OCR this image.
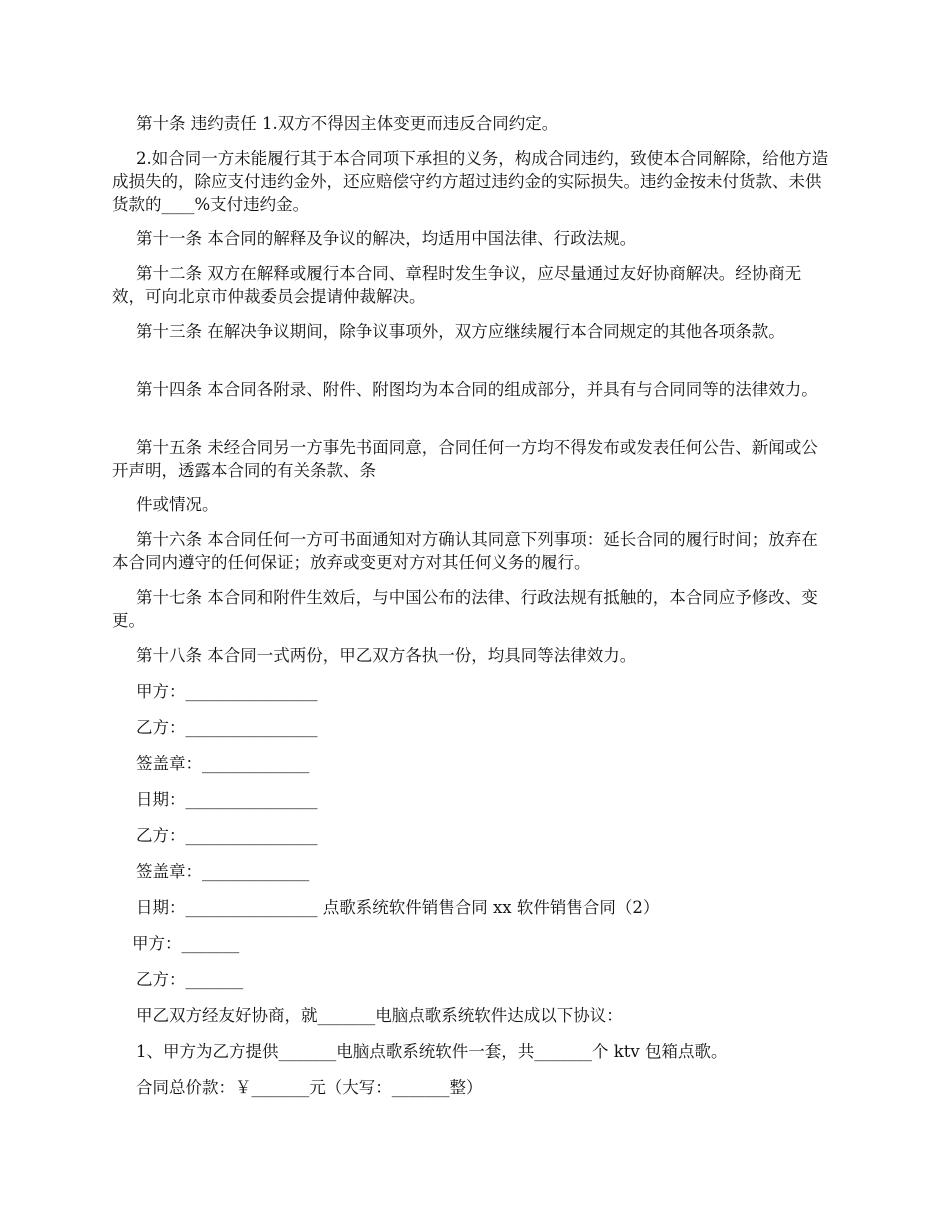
第十条 违约责任 1.双方不得因主体变更而违反合同约定。

2.如合同一方未能履行其于本合同项下承担的义务，构成合同违约，致使本合同解除，给他方造成损失的，除应支付违约金外，还应赔偿守约方超过违约金的实际损失。违约金按未付货款、未供货款的____%支付违约金。

第十一条 本合同的解释及争议的解决，均适用中国法律、行政法规。

第十二条 双方在解释或履行本合同、章程时发生争议，应尽量通过友好协商解决。经协商无效，可向北京市仲裁委员会提请仲裁解决。

第十三条 在解决争议期间，除争议事项外，双方应继续履行本合同规定的其他各项条款。

第十四条 本合同各附录、附件、附图均为本合同的组成部分，并具有与合同同等的法律效力。

第十五条 未经合同另一方事先书面同意，合同任何一方均不得发布或发表任何公告、新闻或公开声明，透露本合同的有关条款、条

件或情况。

第十六条 本合同任何一方可书面通知对方确认其同意下列事项：延长合同的履行时间；放弃在本合同内遵守的任何保证；放弃或变更对方对其任何义务的履行。

第十七条 本合同和附件生效后，与中国公布的法律、行政法规有抵触的，本合同应予修改、变更。

第十八条 本合同一式两份，甲乙双方各执一份，均具同等法律效力。

甲方：________________

乙方：________________

签盖章：_____________

日期：________________

乙方：________________

签盖章：_____________

日期：________________ 点歌系统软件销售合同 xx 软件销售合同（2）

甲方：_______

乙方：_______

甲乙双方经友好协商，就_______电脑点歌系统软件达成以下协议：

1、甲方为乙方提供_______电脑点歌系统软件一套，共_______个 ktv 包箱点歌。

合同总价款：￥_______元（大写：_______整）
